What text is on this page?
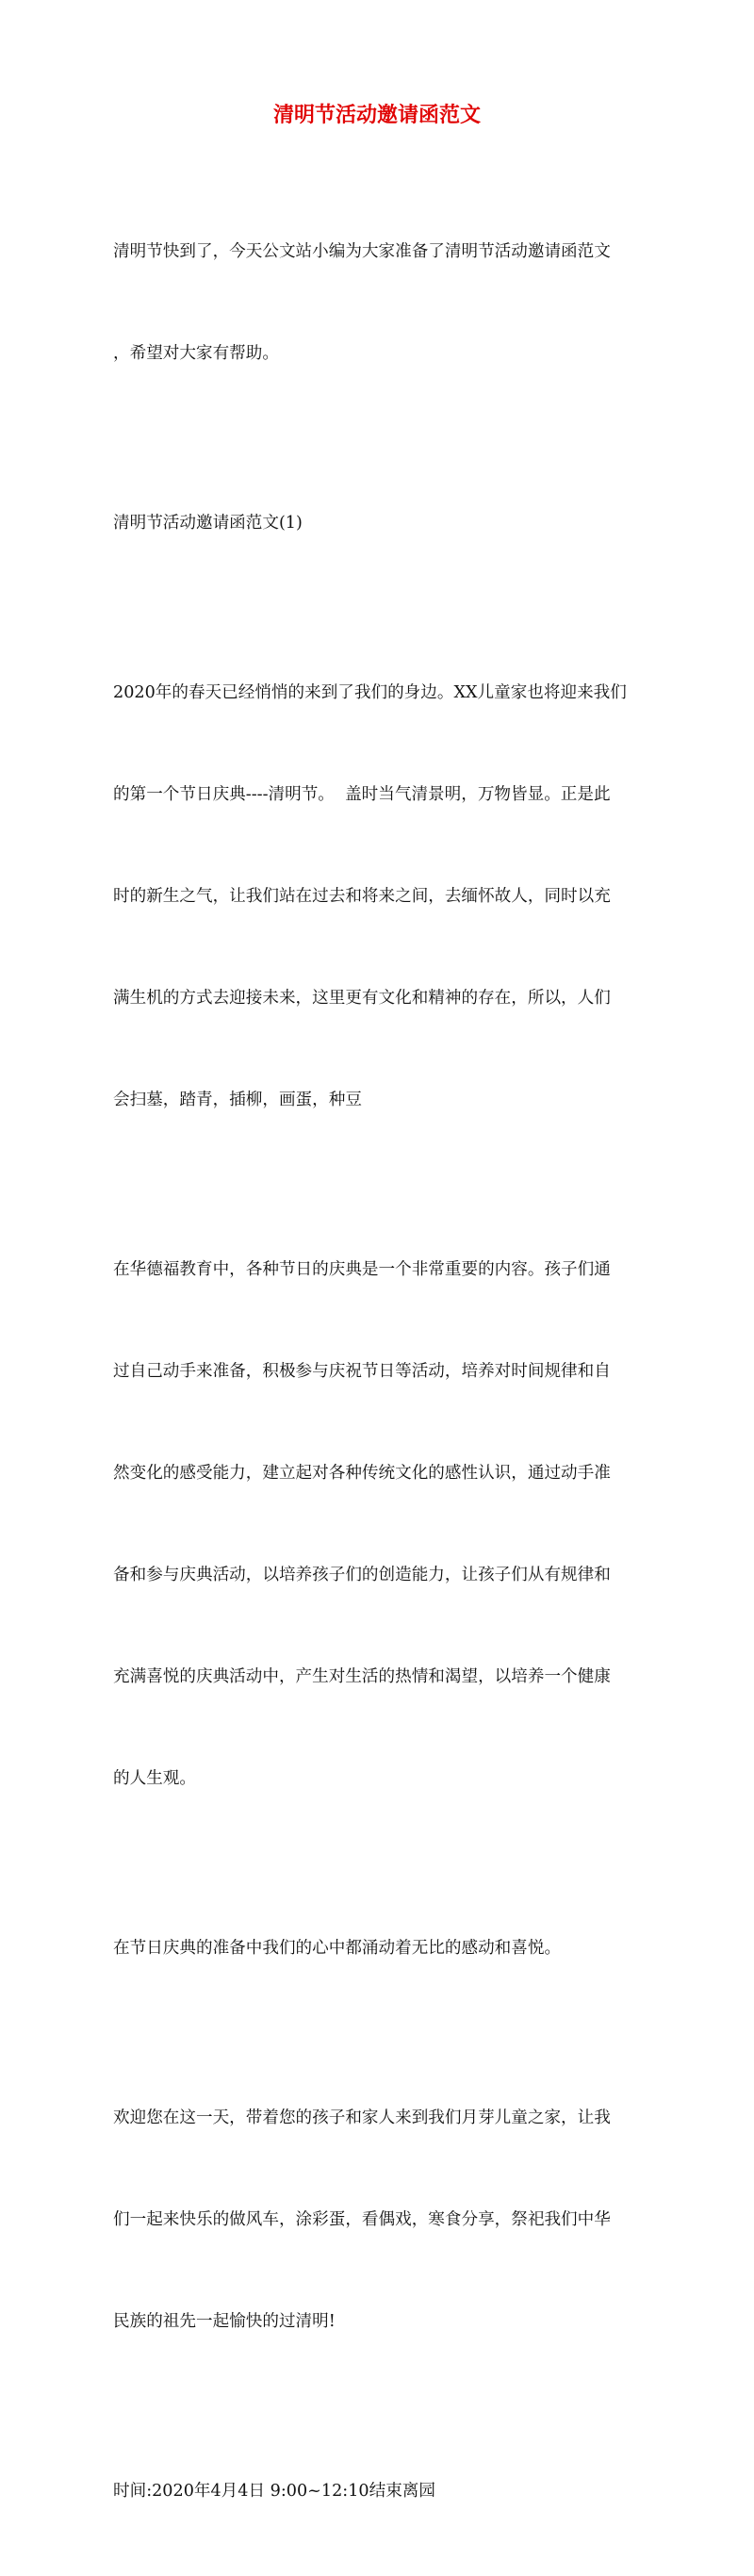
清明节活动邀请函范文

清明节快到了，今天公文站小编为大家准备了清明节活动邀请函范文

，希望对大家有帮助。

清明节活动邀请函范文(1)

2020年的春天已经悄悄的来到了我们的身边。XX儿童家也将迎来我们

的第一个节日庆典----清明节。  盖时当气清景明，万物皆显。正是此

时的新生之气，让我们站在过去和将来之间，去缅怀故人，同时以充

满生机的方式去迎接未来，这里更有文化和精神的存在，所以，人们

会扫墓，踏青，插柳，画蛋，种豆

在华德福教育中，各种节日的庆典是一个非常重要的内容。孩子们通

过自己动手来准备，积极参与庆祝节日等活动，培养对时间规律和自

然变化的感受能力，建立起对各种传统文化的感性认识，通过动手准

备和参与庆典活动，以培养孩子们的创造能力，让孩子们从有规律和

充满喜悦的庆典活动中，产生对生活的热情和渴望，以培养一个健康

的人生观。

在节日庆典的准备中我们的心中都涌动着无比的感动和喜悦。

欢迎您在这一天，带着您的孩子和家人来到我们月芽儿童之家，让我

们一起来快乐的做风车，涂彩蛋，看偶戏，寒食分享，祭祀我们中华

民族的祖先一起愉快的过清明!

时间:2020年4月4日 9:00~12:10结束离园
